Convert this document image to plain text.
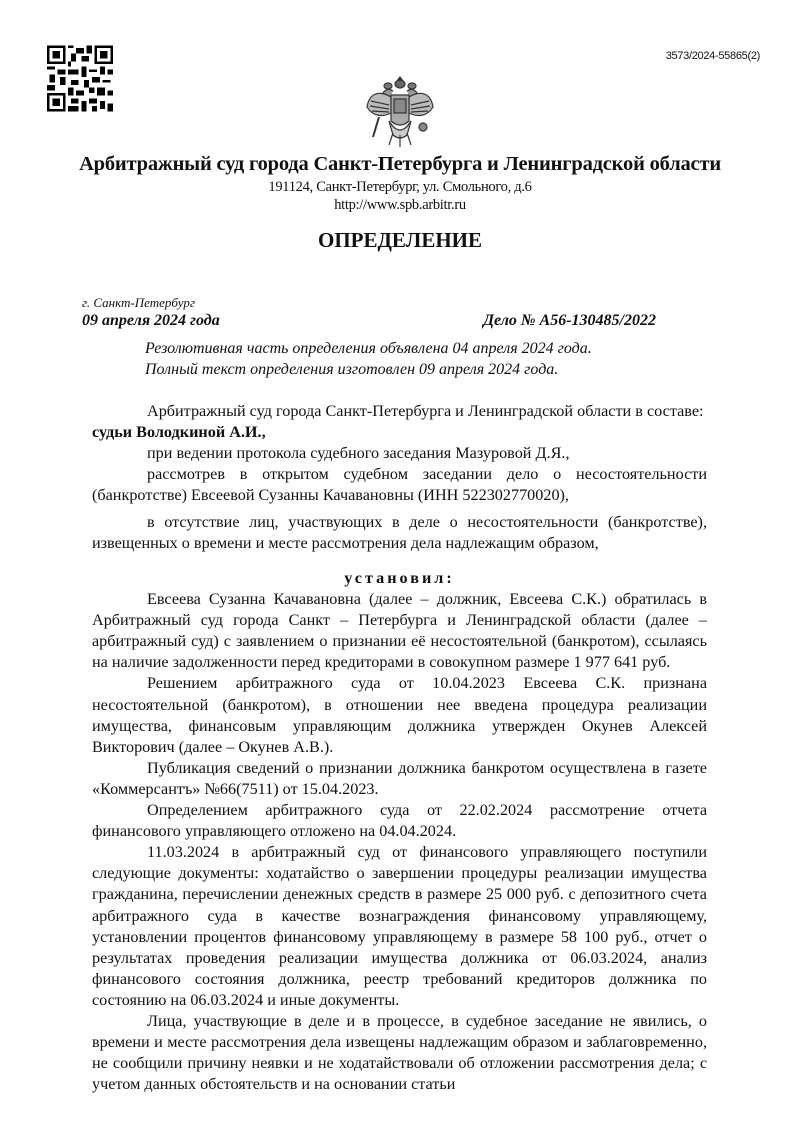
3573/2024-55865(2)
Арбитражный суд города Санкт-Петербурга и Ленинградской области
191124, Санкт-Петербург, ул. Смольного, д.6
http://www.spb.arbitr.ru
ОПРЕДЕЛЕНИЕ
г. Санкт-Петербург
09 апреля 2024 года	Дело № А56-130485/2022
Резолютивная часть определения объявлена 04 апреля 2024 года.
Полный текст определения изготовлен 09 апреля 2024 года.

Арбитражный суд города Санкт-Петербурга и Ленинградской области в составе:

судьи Володкиной А.И.,

при ведении протокола судебного заседания Мазуровой Д.Я.,

рассмотрев в открытом судебном заседании дело о несостоятельности (банкротстве) Евсеевой Сузанны Качавановны (ИНН 522302770020),

в отсутствие лиц, участвующих в деле о несостоятельности (банкротстве), извещенных о времени и месте рассмотрения дела надлежащим образом,

установил:

Евсеева Сузанна Качавановна (далее – должник, Евсеева С.К.) обратилась в Арбитражный суд города Санкт – Петербурга и Ленинградской области (далее – арбитражный суд) с заявлением о признании её несостоятельной (банкротом), ссылаясь на наличие задолженности перед кредиторами в совокупном размере 1 977 641 руб.

Решением арбитражного суда от 10.04.2023 Евсеева С.К. признана несостоятельной (банкротом), в отношении нее введена процедура реализации имущества, финансовым управляющим должника утвержден Окунев Алексей Викторович (далее – Окунев А.В.).

Публикация сведений о признании должника банкротом осуществлена в газете «Коммерсантъ» №66(7511) от 15.04.2023.

Определением арбитражного суда от 22.02.2024 рассмотрение отчета финансового управляющего отложено на 04.04.2024.

11.03.2024 в арбитражный суд от финансового управляющего поступили следующие документы: ходатайство о завершении процедуры реализации имущества гражданина, перечислении денежных средств в размере 25 000 руб. с депозитного счета арбитражного суда в качестве вознаграждения финансовому управляющему, установлении процентов финансовому управляющему в размере 58 100 руб., отчет о результатах проведения реализации имущества должника от 06.03.2024, анализ финансового состояния должника, реестр требований кредиторов должника по состоянию на 06.03.2024 и иные документы.

Лица, участвующие в деле и в процессе, в судебное заседание не явились, о времени и месте рассмотрения дела извещены надлежащим образом и заблаговременно, не сообщили причину неявки и не ходатайствовали об отложении рассмотрения дела; с учетом данных обстоятельств и на основании статьи
